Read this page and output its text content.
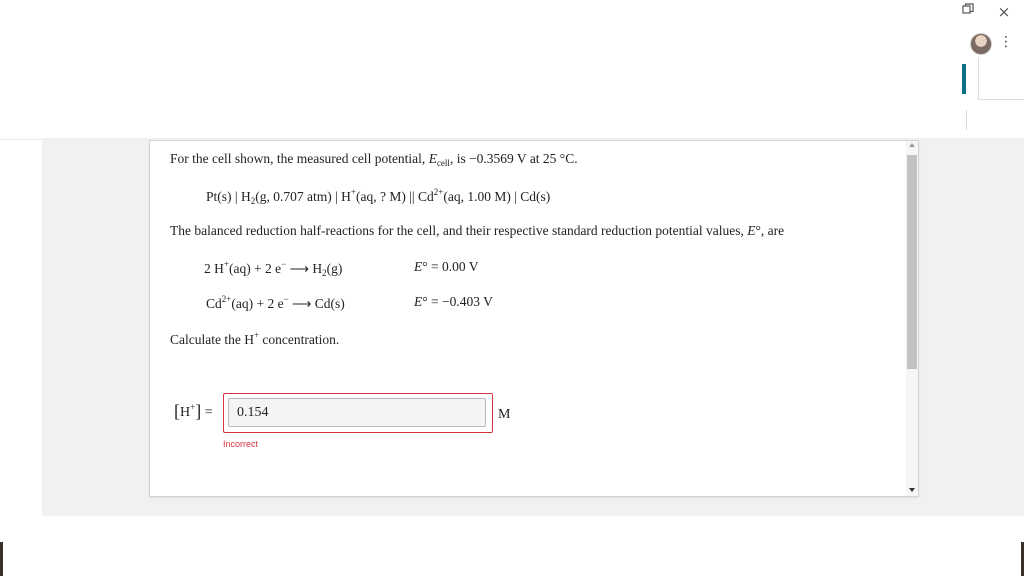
×
⋮
For the cell shown, the measured cell potential, $E_{cell}$, is −0.3569 V at 25 °C.
Pt(s) | $H_2(g$, 0.707 atm) | H+(aq, ? M) || $Cd^{2+}(aq$, 1.00 M) | Cd(s)
The balanced reduction half-reactions for the cell, and their respective standard reduction potential values, E°, are
2 H+(aq) + 2 e− ⟶ $H_2(g)$	E° = 0.00 V
$Cd^{2+}(aq) + 2$ e− ⟶ Cd(s)	E° = −0.403 V
Calculate the H+ concentration.
[H+] =	0.154	M
Incorrect
